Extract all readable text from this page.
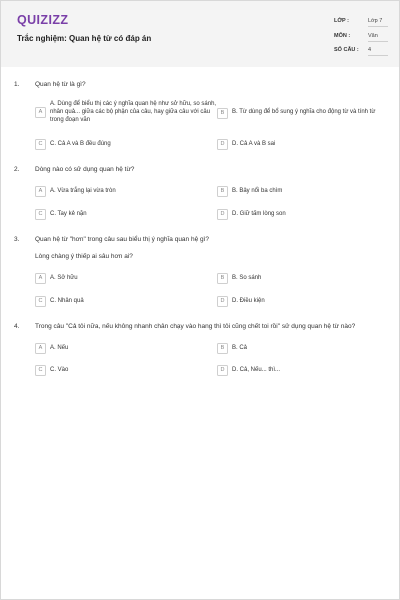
QUIZIZZ
Trắc nghiệm: Quan hệ từ có đáp án
LỚP :	Lớp 7
MÔN :	Văn
SỐ CÂU : 4
1. Quan hệ từ là gì?
A
A. Dùng để biểu thị các ý nghĩa quan hệ như sở hữu, so sánh, nhân quả... giữa các bộ phận của câu, hay giữa câu với câu trong đoạn văn
B	B. Từ dùng để bổ sung ý nghĩa cho động từ và tính từ
C	C. Cả A và B đều đúng	D	D. Cả A và B sai
2. Dòng nào có sử dụng quan hệ từ?
A	A. Vừa trắng lại vừa tròn	B	B. Bảy nổi ba chìm
C	C. Tay kẻ nặn	D	D. Giữ tấm lòng son
3. Quan hệ từ "hơn" trong câu sau biểu thị ý nghĩa quan hệ gì?
Lòng chàng ý thiếp ai sâu hơn ai?
A	A. Sở hữu	B	B. So sánh
C	C. Nhân quả	D	D. Điều kiện
4. Trong câu "Cả tôi nữa, nếu không nhanh chân chạy vào hang thì tôi cũng chết toi rồi" sử dụng quan hệ từ nào?
A	A. Nếu	B	B. Cả
C	C. Vào	D	D. Cả, Nếu... thì...
